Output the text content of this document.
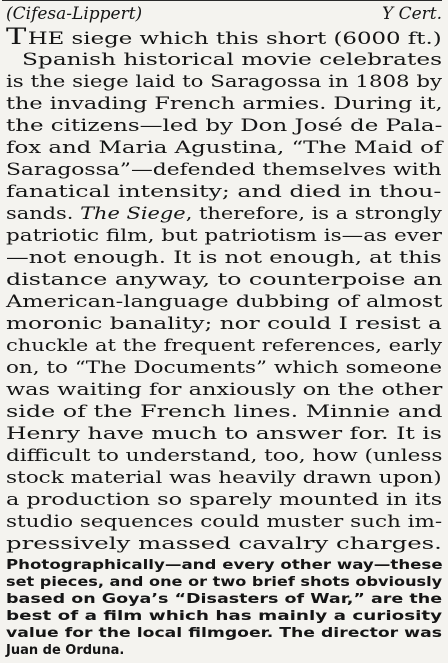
(Cifesa-Lippert)	Y Cert.
THE siege which this short (6000 ft.)
Spanish historical movie celebrates
is the siege laid to Saragossa in 1808 by
the invading French armies. During it,
the citizens—led by Don José de Pala-
fox and Maria Agustina, “The Maid of
Saragossa”—defended themselves with
fanatical intensity; and died in thou-
sands. The Siege, therefore, is a strongly
patriotic film, but patriotism is—as ever
—not enough. It is not enough, at this
distance anyway, to counterpoise an
American-language dubbing of almost
moronic banality; nor could I resist a
chuckle at the frequent references, early
on, to “The Documents” which someone
was waiting for anxiously on the other
side of the French lines. Minnie and
Henry have much to answer for. It is
difficult to understand, too, how (unless
stock material was heavily drawn upon)
a production so sparely mounted in its
studio sequences could muster such im-
pressively massed cavalry charges.
Photographically—and every other way—these
set pieces, and one or two brief shots obviously
based on Goya’s “Disasters of War,” are the
best of a film which has mainly a curiosity
value for the local filmgoer. The director was
Juan de Orduna.
